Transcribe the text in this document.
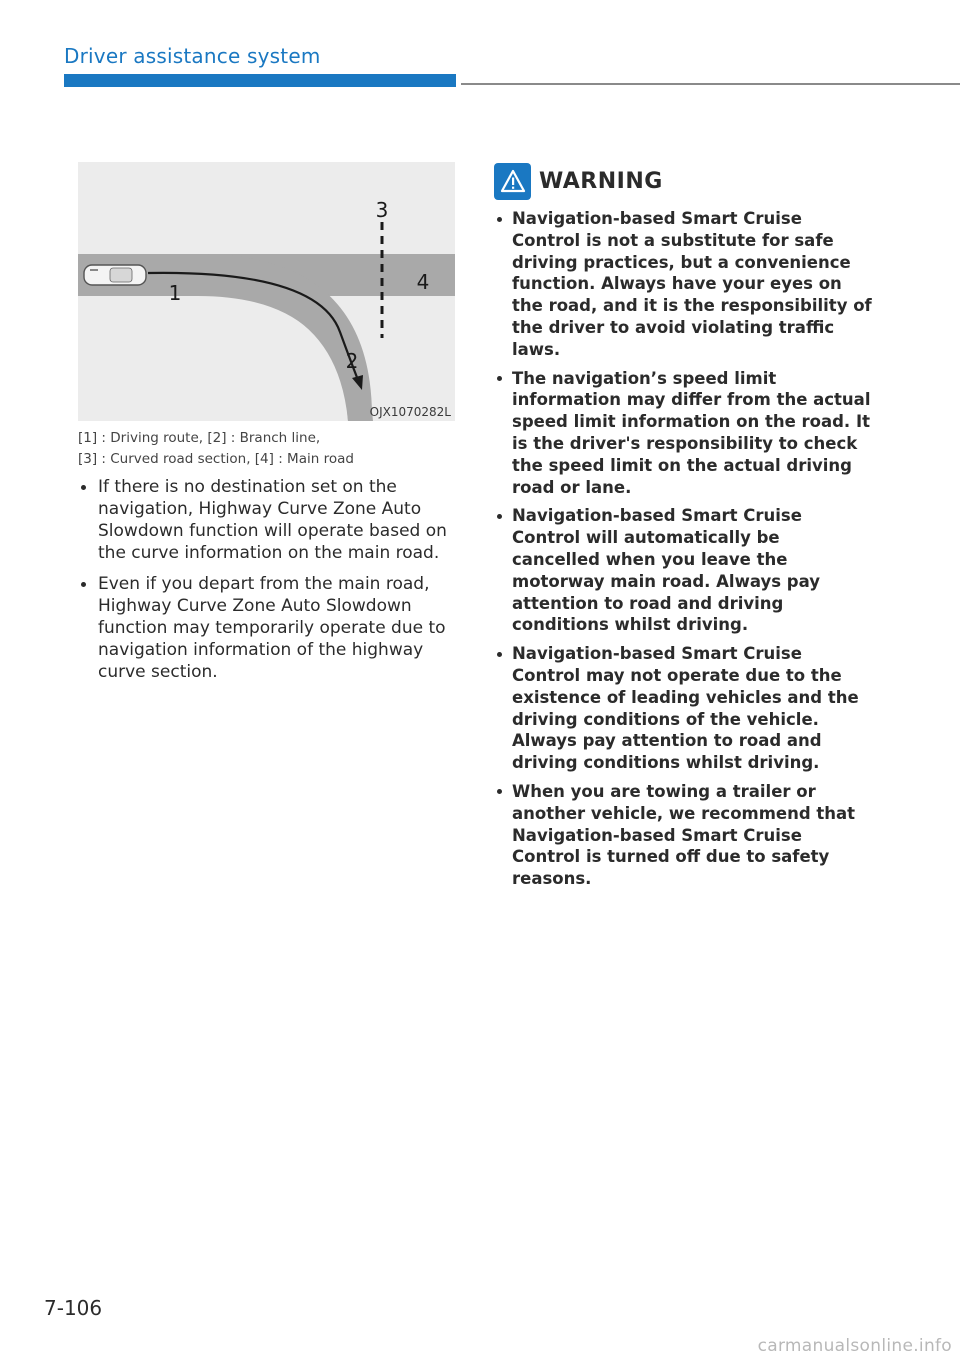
Driver assistance system
1
2
3
4
OJX1070282L
[1] : Driving route, [2] : Branch line,
[3] : Curved road section, [4] : Main road
If there is no destination set on the navigation, Highway Curve Zone Auto Slowdown function will operate based on the curve information on the main road.
Even if you depart from the main road, Highway Curve Zone Auto Slowdown function may temporarily operate due to navigation information of the highway curve section.
WARNING
Navigation-based Smart Cruise Control is not a substitute for safe driving practices, but a convenience function. Always have your eyes on the road, and it is the responsibility of the driver to avoid violating traffic laws.
The navigation’s speed limit information may differ from the actual speed limit information on the road. It is the driver's responsibility to check the speed limit on the actual driving road or lane.
Navigation-based Smart Cruise Control will automatically be cancelled when you leave the motorway main road. Always pay attention to road and driving conditions whilst driving.
Navigation-based Smart Cruise Control may not operate due to the existence of leading vehicles and the driving conditions of the vehicle. Always pay attention to road and driving conditions whilst driving.
When you are towing a trailer or another vehicle, we recommend that Navigation-based Smart Cruise Control is turned off due to safety reasons.
7-106
carmanualsonline.info
